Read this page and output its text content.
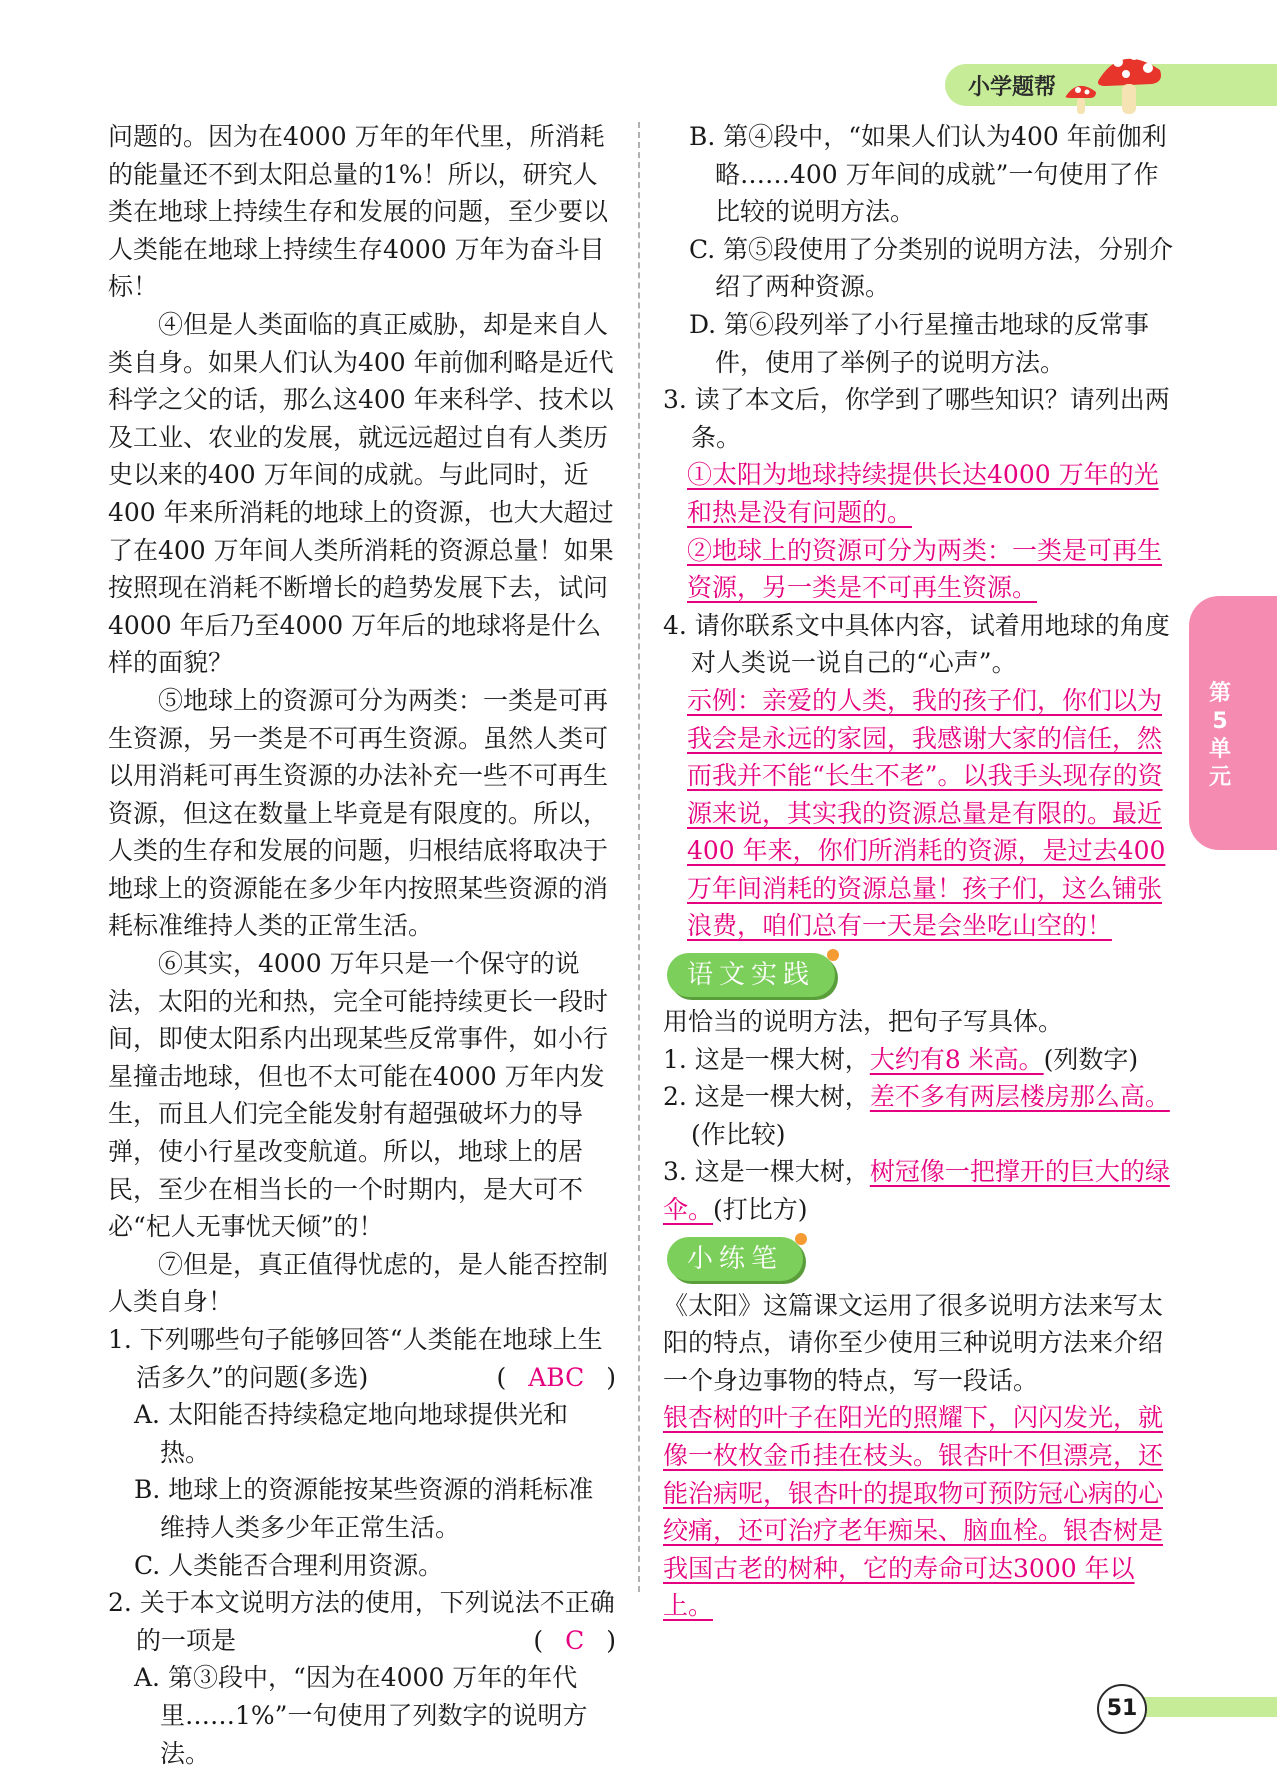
小学题帮
第5单元

问题的。因为在4000 万年的年代里，所消耗的能量还不到太阳总量的1%！所以，研究人类在地球上持续生存和发展的问题，至少要以人类能在地球上持续生存4000 万年为奋斗目标！

④但是人类面临的真正威胁，却是来自人类自身。如果人们认为400 年前伽利略是近代科学之父的话，那么这400 年来科学、技术以及工业、农业的发展，就远远超过自有人类历史以来的400 万年间的成就。与此同时，近400 年来所消耗的地球上的资源，也大大超过了在400 万年间人类所消耗的资源总量！如果按照现在消耗不断增长的趋势发展下去，试问4000 年后乃至4000 万年后的地球将是什么样的面貌？

⑤地球上的资源可分为两类：一类是可再生资源，另一类是不可再生资源。虽然人类可以用消耗可再生资源的办法补充一些不可再生资源，但这在数量上毕竟是有限度的。所以，人类的生存和发展的问题，归根结底将取决于地球上的资源能在多少年内按照某些资源的消耗标准维持人类的正常生活。

⑥其实，4000 万年只是一个保守的说法，太阳的光和热，完全可能持续更长一段时间，即使太阳系内出现某些反常事件，如小行星撞击地球，但也不太可能在4000 万年内发生，而且人们完全能发射有超强破坏力的导弹，使小行星改变航道。所以，地球上的居民，至少在相当长的一个时期内，是大可不必“杞人无事忧天倾”的！

⑦但是，真正值得忧虑的，是人能否控制人类自身！

1. 下列哪些句子能够回答“人类能在地球上生

活多久”的问题(多选)	( ABC )

A. 太阳能否持续稳定地向地球提供光和热。

B. 地球上的资源能按某些资源的消耗标准维持人类多少年正常生活。

C. 人类能否合理利用资源。

2. 关于本文说明方法的使用，下列说法不正确

的一项是	( C )

A. 第③段中，“因为在4000 万年的年代里……1%”一句使用了列数字的说明方法。

B. 第④段中，“如果人们认为400 年前伽利略……400 万年间的成就”一句使用了作比较的说明方法。

C. 第⑤段使用了分类别的说明方法，分别介绍了两种资源。

D. 第⑥段列举了小行星撞击地球的反常事件，使用了举例子的说明方法。

3. 读了本文后，你学到了哪些知识？请列出两条。

①太阳为地球持续提供长达4000 万年的光和热是没有问题的。

②地球上的资源可分为两类：一类是可再生资源，另一类是不可再生资源。

4. 请你联系文中具体内容，试着用地球的角度对人类说一说自己的“心声”。

示例：亲爱的人类，我的孩子们，你们以为我会是永远的家园，我感谢大家的信任，然而我并不能“长生不老”。以我手头现存的资源来说，其实我的资源总量是有限的。最近400 年来，你们所消耗的资源，是过去400 万年间消耗的资源总量！孩子们，这么铺张浪费，咱们总有一天是会坐吃山空的！

语文实践

用恰当的说明方法，把句子写具体。

1. 这是一棵大树，大约有8 米高。(列数字)

2. 这是一棵大树，差不多有两层楼房那么高。
(作比较)

3. 这是一棵大树，树冠像一把撑开的巨大的绿伞。(打比方)

小练笔

《太阳》这篇课文运用了很多说明方法来写太阳的特点，请你至少使用三种说明方法来介绍一个身边事物的特点，写一段话。

银杏树的叶子在阳光的照耀下，闪闪发光，就像一枚枚金币挂在枝头。银杏叶不但漂亮，还能治病呢，银杏叶的提取物可预防冠心病的心绞痛，还可治疗老年痴呆、脑血栓。银杏树是我国古老的树种，它的寿命可达3000 年以上。

51
